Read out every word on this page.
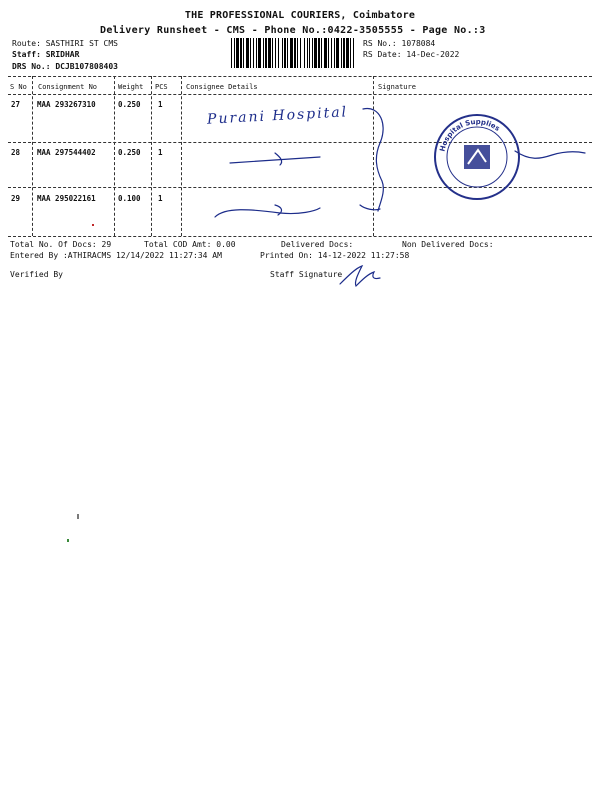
THE PROFESSIONAL COURIERS, Coimbatore
Delivery Runsheet - CMS - Phone No.:0422-3505555 - Page No.:3
Route: SASTHIRI ST CMS
Staff: SRIDHAR
DRS No.: DCJB107808403
RS No.: 1078084
RS Date: 14-Dec-2022
S No Consignment No	Weight PCS	Consignee Details	Signature
27 MAA 293267310	0.250 1
28 MAA 297544402	0.250 1
29 MAA 295022161	0.100 1
Purani Hospital
Hospital Supplies
Total No. Of Docs: 29	Total COD Amt: 0.00	Delivered Docs:	Non Delivered Docs:
Entered By :ATHIRACMS 12/14/2022 11:27:34 AM	Printed On: 14-12-2022 11:27:58
Verified By	Staff Signature
